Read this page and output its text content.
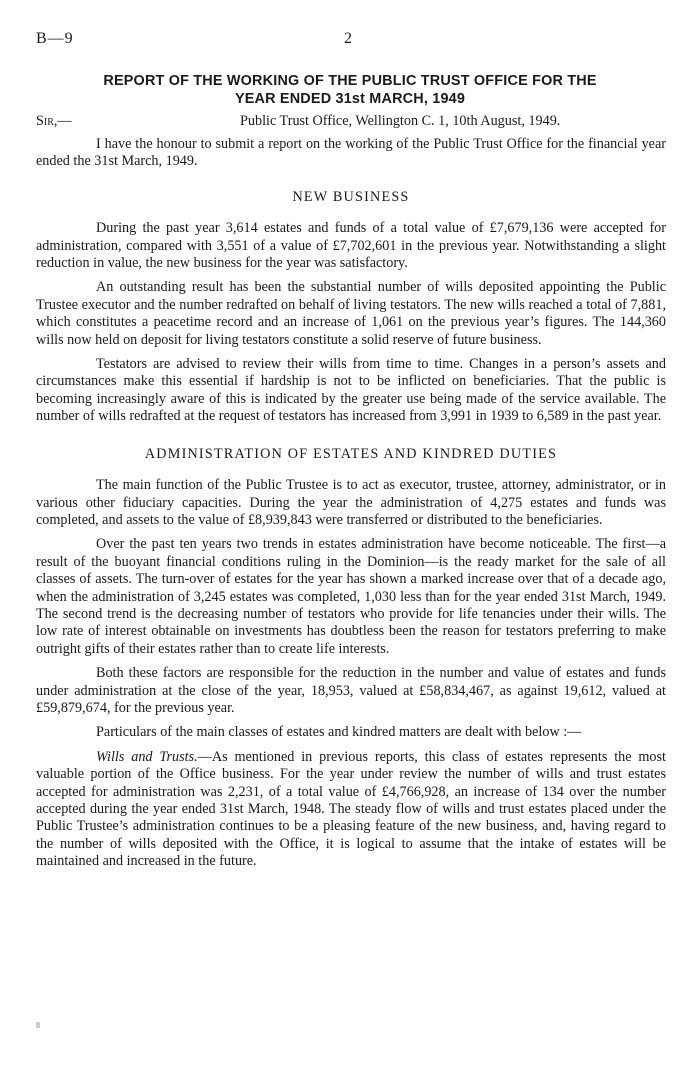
B—9	2
REPORT OF THE WORKING OF THE PUBLIC TRUST OFFICE FOR THE
YEAR ENDED 31st MARCH, 1949
Sir,—	Public Trust Office, Wellington C. 1, 10th August, 1949.

I have the honour to submit a report on the working of the Public Trust Office for the financial year ended the 31st March, 1949.

NEW BUSINESS

During the past year 3,614 estates and funds of a total value of £7,679,136 were accepted for administration, compared with 3,551 of a value of £7,702,601 in the previous year. Notwithstanding a slight reduction in value, the new business for the year was satisfactory.

An outstanding result has been the substantial number of wills deposited appointing the Public Trustee executor and the number redrafted on behalf of living testators. The new wills reached a total of 7,881, which constitutes a peacetime record and an increase of 1,061 on the previous year’s figures. The 144,360 wills now held on deposit for living testators constitute a solid reserve of future business.

Testators are advised to review their wills from time to time. Changes in a person’s assets and circumstances make this essential if hardship is not to be inflicted on beneficiaries. That the public is becoming increasingly aware of this is indicated by the greater use being made of the service available. The number of wills redrafted at the request of testators has increased from 3,991 in 1939 to 6,589 in the past year.

ADMINISTRATION OF ESTATES AND KINDRED DUTIES

The main function of the Public Trustee is to act as executor, trustee, attorney, administrator, or in various other fiduciary capacities. During the year the administration of 4,275 estates and funds was completed, and assets to the value of £8,939,843 were transferred or distributed to the beneficiaries.

Over the past ten years two trends in estates administration have become noticeable. The first—a result of the buoyant financial conditions ruling in the Dominion—is the ready market for the sale of all classes of assets. The turn-over of estates for the year has shown a marked increase over that of a decade ago, when the administration of 3,245 estates was completed, 1,030 less than for the year ended 31st March, 1949. The second trend is the decreasing number of testators who provide for life tenancies under their wills. The low rate of interest obtainable on investments has doubtless been the reason for testators preferring to make outright gifts of their estates rather than to create life interests.

Both these factors are responsible for the reduction in the number and value of estates and funds under administration at the close of the year, 18,953, valued at £58,834,467, as against 19,612, valued at £59,879,674, for the previous year.

Particulars of the main classes of estates and kindred matters are dealt with below :—

Wills and Trusts.—As mentioned in previous reports, this class of estates represents the most valuable portion of the Office business. For the year under review the number of wills and trust estates accepted for administration was 2,231, of a total value of £4,766,928, an increase of 134 over the number accepted during the year ended 31st March, 1948. The steady flow of wills and trust estates placed under the Public Trustee’s administration continues to be a pleasing feature of the new business, and, having regard to the number of wills deposited with the Office, it is logical to assume that the intake of estates will be maintained and increased in the future.
